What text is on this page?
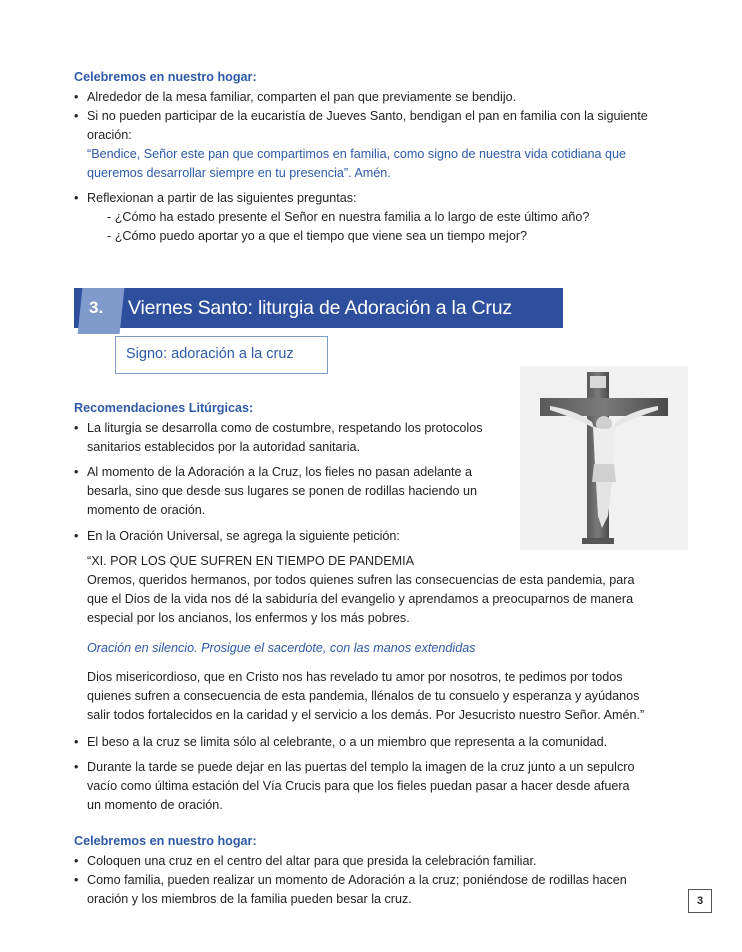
Celebremos en nuestro hogar:
• Alrededor de la mesa familiar, comparten el pan que previamente se bendijo.
• Si no pueden participar de la eucaristía de Jueves Santo, bendigan el pan en familia con la siguiente
oración:
“Bendice, Señor este pan que compartimos en familia, como signo de nuestra vida cotidiana que
queremos desarrollar siempre en tu presencia”. Amén.
• Reflexionan a partir de las siguientes preguntas:
- ¿Cómo ha estado presente el Señor en nuestra familia a lo largo de este último año?
- ¿Cómo puedo aportar yo a que el tiempo que viene sea un tiempo mejor?
3. Viernes Santo: liturgia de Adoración a la Cruz
Signo: adoración a la cruz
Recomendaciones Litúrgicas:
• La liturgia se desarrolla como de costumbre, respetando los protocolos
sanitarios establecidos por la autoridad sanitaria.
• Al momento de la Adoración a la Cruz, los fieles no pasan adelante a
besarla, sino que desde sus lugares se ponen de rodillas haciendo un
momento de oración.
• En la Oración Universal, se agrega la siguiente petición:
“XI. POR LOS QUE SUFREN EN TIEMPO DE PANDEMIA
Oremos, queridos hermanos, por todos quienes sufren las consecuencias de esta pandemia, para
que el Dios de la vida nos dé la sabiduría del evangelio y aprendamos a preocuparnos de manera
especial por los ancianos, los enfermos y los más pobres.
Oración en silencio. Prosigue el sacerdote, con las manos extendidas
Dios misericordioso, que en Cristo nos has revelado tu amor por nosotros, te pedimos por todos
quienes sufren a consecuencia de esta pandemia, llénalos de tu consuelo y esperanza y ayúdanos
salir todos fortalecidos en la caridad y el servicio a los demás. Por Jesucristo nuestro Señor. Amén.”
• El beso a la cruz se limita sólo al celebrante, o a un miembro que representa a la comunidad.
• Durante la tarde se puede dejar en las puertas del templo la imagen de la cruz junto a un sepulcro
vacío como última estación del Vía Crucis para que los fieles puedan pasar a hacer desde afuera
un momento de oración.
Celebremos en nuestro hogar:
• Coloquen una cruz en el centro del altar para que presida la celebración familiar.
• Como familia, pueden realizar un momento de Adoración a la cruz; poniéndose de rodillas hacen
oración y los miembros de la familia pueden besar la cruz.	3
